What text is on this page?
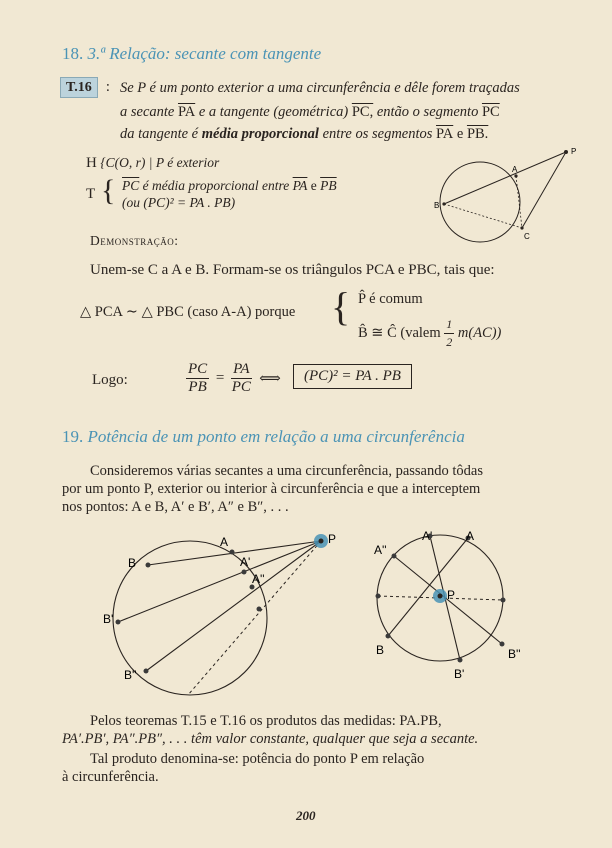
18. 3.ª Relação: secante com tangente
T.16 : Se P é um ponto exterior a uma circunferência e dêle forem traçadas
a secante $\overline{PA}$ e a tangente (geométrica) PC, então o segmento $\overline{PC}$
da tangente é média proporcional entre os segmentos $\overline{PA}$ e PB.
H {C(O, r) | P é exterior
T { $\overline{PC}$ é média proporcional entre $\overline{PA}$ e $\overline{PB}$
(ou (PC)² = PA . PB)
P
A
B
C
Demonstração:
Unem-se C a A e B. Formam-se os triângulos PCA e PBC, tais que:
△ PCA ∼ △ PBC (caso A-A) porque { P̂ é comum
B̂ ≅ Ĉ (valem $\frac{1}{2} m(AC)$)
Logo:	$\frac{PC}{PB} = \frac{PA}{PC}$ ⟺	(PC)² = PA . PB
19. Potência de um ponto em relação a uma circunferência
Consideremos várias secantes a uma circunferência, passando tôdas
por um ponto P, exterior ou interior à circunferência e que a interceptem
nos pontos: A e B, A′ e B′, A″ e B″, . . .
P
A
B	A'
A''
B'
B''
A
A'
A''
P
B
B'
B''
Pelos teoremas T.15 e T.16 os produtos das medidas: PA.PB,
PA′.PB′, PA″.PB″, . . . têm valor constante, qualquer que seja a secante.
Tal produto denomina-se: potência do ponto P em relação
à circunferência.
200
